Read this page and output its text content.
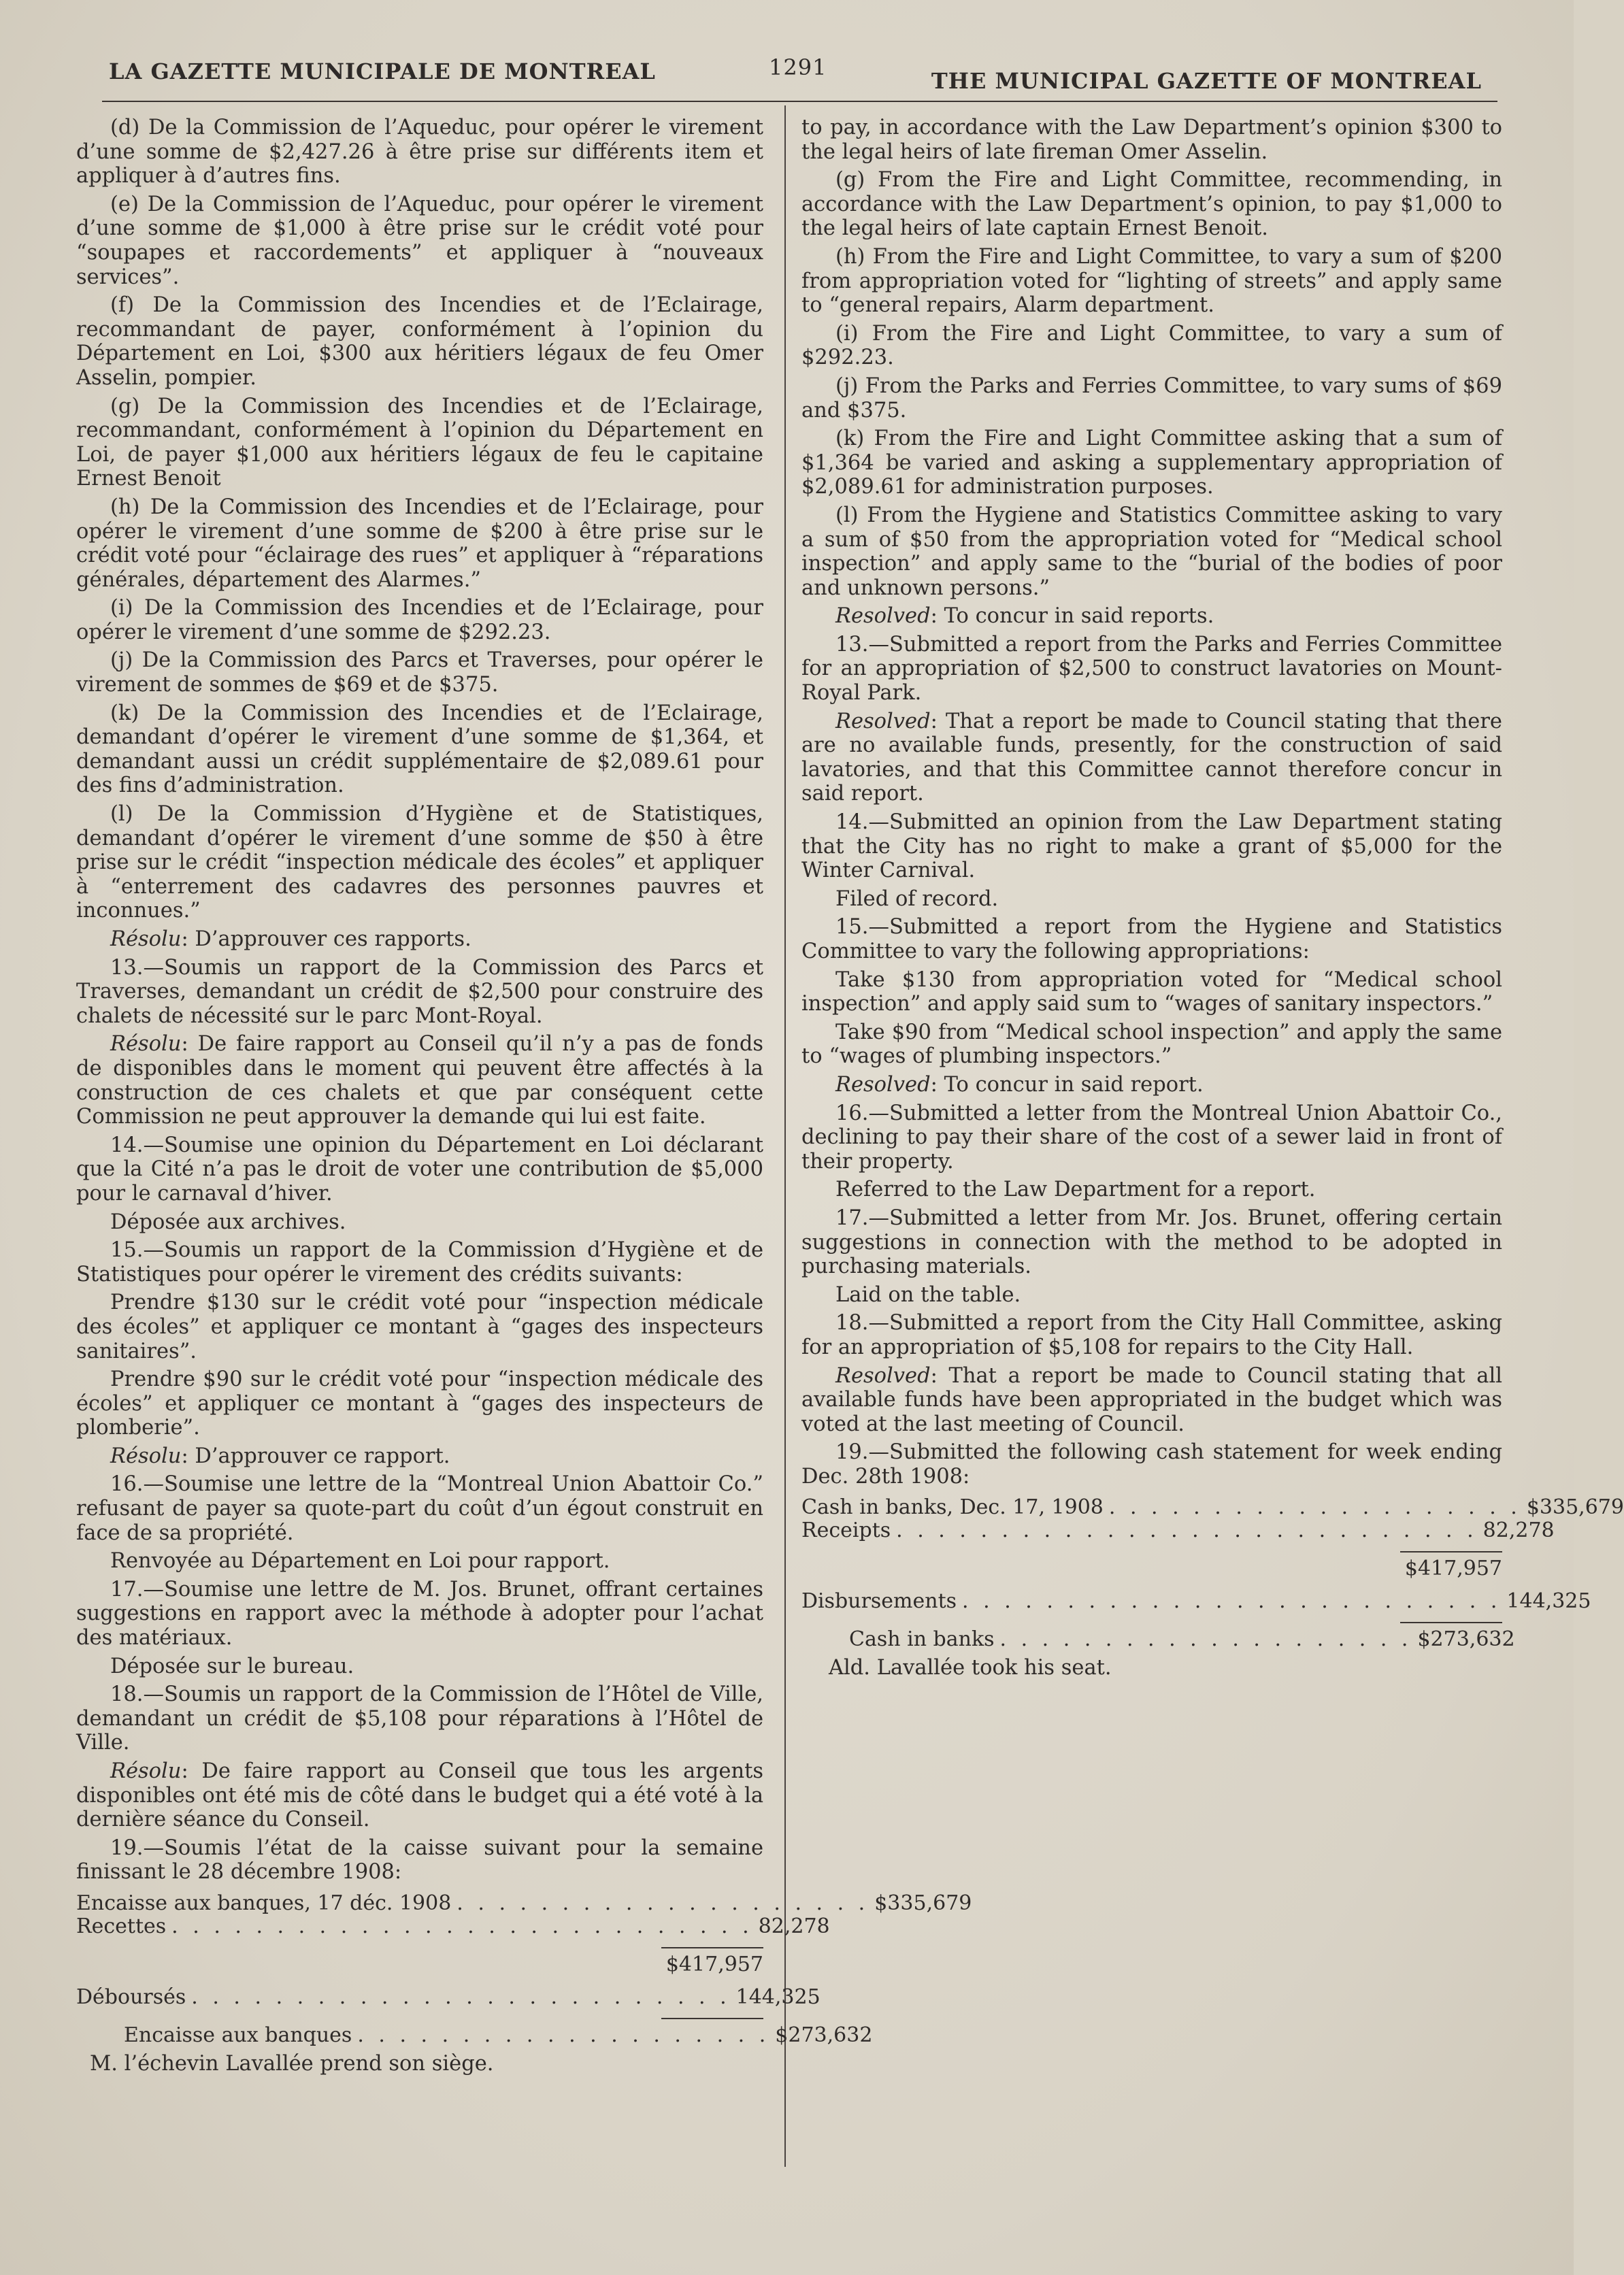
LA GAZETTE MUNICIPALE DE MONTREAL	1291
THE MUNICIPAL GAZETTE OF MONTREAL

(d) De la Commission de l’Aqueduc, pour opérer le virement d’une somme de $2,427.26 à être prise sur différents item et appliquer à d’autres fins.

(e) De la Commission de l’Aqueduc, pour opérer le virement d’une somme de $1,000 à être prise sur le crédit voté pour “soupapes et raccordements” et appliquer à “nouveaux services”.

(f) De la Commission des Incendies et de l’Eclairage, recommandant de payer, conformément à l’opinion du Département en Loi, $300 aux héritiers légaux de feu Omer Asselin, pompier.

(g) De la Commission des Incendies et de l’Eclairage, recommandant, conformément à l’opinion du Département en Loi, de payer $1,000 aux héritiers légaux de feu le capitaine Ernest Benoit

(h) De la Commission des Incendies et de l’Eclairage, pour opérer le virement d’une somme de $200 à être prise sur le crédit voté pour “éclairage des rues” et appliquer à “réparations générales, département des Alarmes.”

(i) De la Commission des Incendies et de l’Eclairage, pour opérer le virement d’une somme de $292.23.

(j) De la Commission des Parcs et Traverses, pour opérer le virement de sommes de $69 et de $375.

(k) De la Commission des Incendies et de l’Eclairage, demandant d’opérer le virement d’une somme de $1,364, et demandant aussi un crédit supplémentaire de $2,089.61 pour des fins d’administration.

(l) De la Commission d’Hygiène et de Statistiques, demandant d’opérer le virement d’une somme de $50 à être prise sur le crédit “inspection médicale des écoles” et appliquer à “enterrement des cadavres des personnes pauvres et inconnues.”

Résolu: D’approuver ces rapports.

13.—Soumis un rapport de la Commission des Parcs et Traverses, demandant un crédit de $2,500 pour construire des chalets de nécessité sur le parc Mont-Royal.

Résolu: De faire rapport au Conseil qu’il n’y a pas de fonds de disponibles dans le moment qui peuvent être affectés à la construction de ces chalets et que par conséquent cette Commission ne peut approuver la demande qui lui est faite.

14.—Soumise une opinion du Département en Loi déclarant que la Cité n’a pas le droit de voter une contribution de $5,000 pour le carnaval d’hiver.

Déposée aux archives.

15.—Soumis un rapport de la Commission d’Hygiène et de Statistiques pour opérer le virement des crédits suivants:

Prendre $130 sur le crédit voté pour “inspection médicale des écoles” et appliquer ce montant à “gages des inspecteurs sanitaires”.

Prendre $90 sur le crédit voté pour “inspection médicale des écoles” et appliquer ce montant à “gages des inspecteurs de plomberie”.

Résolu: D’approuver ce rapport.

16.—Soumise une lettre de la “Montreal Union Abattoir Co.” refusant de payer sa quote-part du coût d’un égout construit en face de sa propriété.

Renvoyée au Département en Loi pour rapport.

17.—Soumise une lettre de M. Jos. Brunet, offrant certaines suggestions en rapport avec la méthode à adopter pour l’achat des matériaux.

Déposée sur le bureau.

18.—Soumis un rapport de la Commission de l’Hôtel de Ville, demandant un crédit de $5,108 pour réparations à l’Hôtel de Ville.

Résolu: De faire rapport au Conseil que tous les argents disponibles ont été mis de côté dans le budget qui a été voté à la dernière séance du Conseil.

19.—Soumis l’état de la caisse suivant pour la semaine finissant le 28 décembre 1908:

Encaisse aux banques, 17 déc. 1908 . . . . . . . . . . . . . . . . . . . . $335,679
Recettes . . . . . . . . . . . . . . . . . . . . . . . . . . . . 82,278
$417,957
Déboursés . . . . . . . . . . . . . . . . . . . . . . . . . . 144,325
Encaisse aux banques . . . . . . . . . . . . . . . . . . . . $273,632

M. l’échevin Lavallée prend son siège.

to pay, in accordance with the Law Department’s opinion $300 to the legal heirs of late fireman Omer Asselin.

(g) From the Fire and Light Committee, recommending, in accordance with the Law Department’s opinion, to pay $1,000 to the legal heirs of late captain Ernest Benoit.

(h) From the Fire and Light Committee, to vary a sum of $200 from appropriation voted for “lighting of streets” and apply same to “general repairs, Alarm department.

(i) From the Fire and Light Committee, to vary a sum of $292.23.

(j) From the Parks and Ferries Committee, to vary sums of $69 and $375.

(k) From the Fire and Light Committee asking that a sum of $1,364 be varied and asking a supplementary appropriation of $2,089.61 for administration purposes.

(l) From the Hygiene and Statistics Committee asking to vary a sum of $50 from the appropriation voted for “Medical school inspection” and apply same to the “burial of the bodies of poor and unknown persons.”

Resolved: To concur in said reports.

13.—Submitted a report from the Parks and Ferries Committee for an appropriation of $2,500 to construct lavatories on Mount-Royal Park.

Resolved: That a report be made to Council stating that there are no available funds, presently, for the construction of said lavatories, and that this Committee cannot therefore concur in said report.

14.—Submitted an opinion from the Law Department stating that the City has no right to make a grant of $5,000 for the Winter Carnival.

Filed of record.

15.—Submitted a report from the Hygiene and Statistics Committee to vary the following appropriations:

Take $130 from appropriation voted for “Medical school inspection” and apply said sum to “wages of sanitary inspectors.”

Take $90 from “Medical school inspection” and apply the same to “wages of plumbing inspectors.”

Resolved: To concur in said report.

16.—Submitted a letter from the Montreal Union Abattoir Co., declining to pay their share of the cost of a sewer laid in front of their property.

Referred to the Law Department for a report.

17.—Submitted a letter from Mr. Jos. Brunet, offering certain suggestions in connection with the method to be adopted in purchasing materials.

Laid on the table.

18.—Submitted a report from the City Hall Committee, asking for an appropriation of $5,108 for repairs to the City Hall.

Resolved: That a report be made to Council stating that all available funds have been appropriated in the budget which was voted at the last meeting of Council.

19.—Submitted the following cash statement for week ending Dec. 28th 1908:

Cash in banks, Dec. 17, 1908 . . . . . . . . . . . . . . . . . . . . $335,679
Receipts . . . . . . . . . . . . . . . . . . . . . . . . . . . . 82,278
$417,957
Disbursements . . . . . . . . . . . . . . . . . . . . . . . . . . 144,325
Cash in banks . . . . . . . . . . . . . . . . . . . . $273,632

Ald. Lavallée took his seat.
